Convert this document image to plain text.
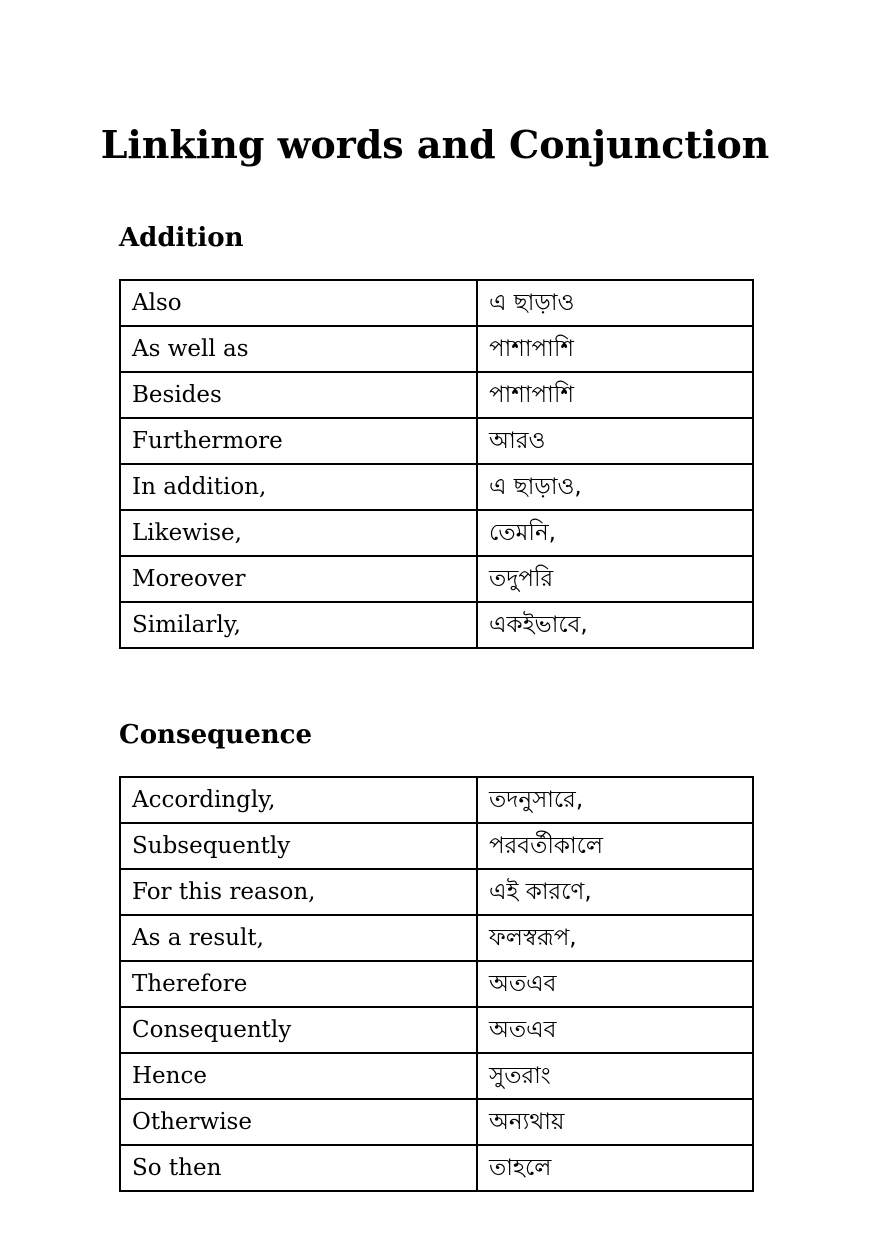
Linking words and Conjunction
Addition
Also	এ ছাড়াও
As well as	পাশাপাশি
Besides	পাশাপাশি
Furthermore	আরও
In addition,	এ ছাড়াও,
Likewise,	তেমনি,
Moreover	তদুপরি
Similarly,	একইভাবে,
Consequence
Accordingly,	তদনুসারে,
Subsequently	পরবর্তীকালে
For this reason,	এই কারণে,
As a result,	ফলস্বরূপ,
Therefore	অতএব
Consequently	অতএব
Hence	সুতরাং
Otherwise	অন্যথায়
So then	তাহলে
